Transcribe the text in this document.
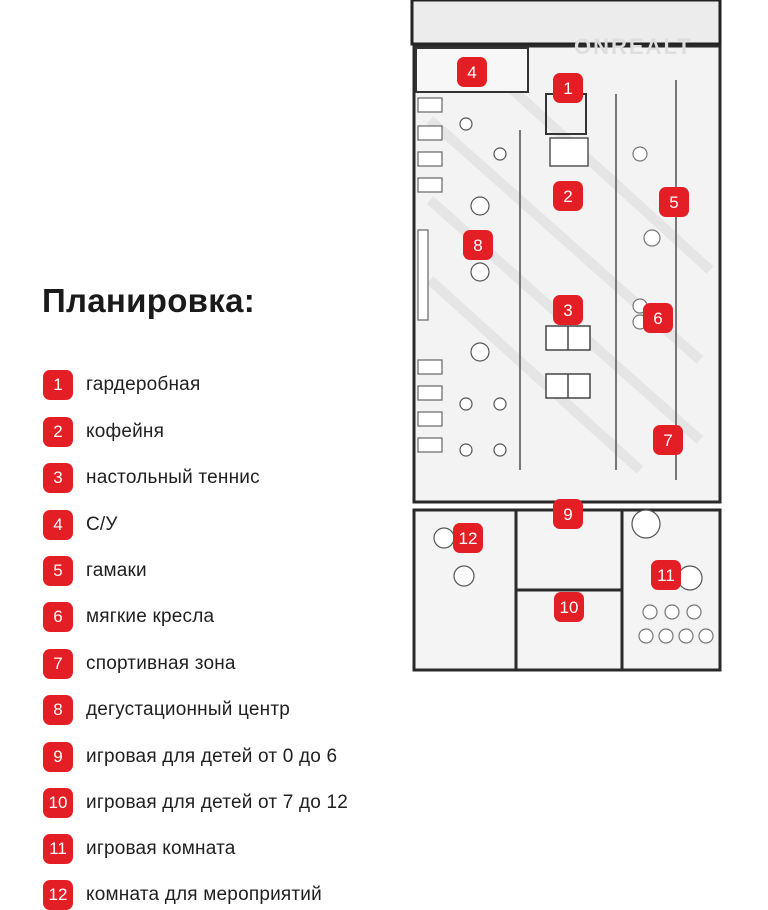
ONREALT
1
2
3
4
5
6
7
8
9
10
11
12
Планировка:
1	гардеробная
2	кофейня
3	настольный теннис
4	С/У
5	гамаки
6	мягкие кресла
7	спортивная зона
8	дегустационный центр
9	игровая для детей от 0 до 6
10 игровая для детей от 7 до 12
11	игровая комната
12 комната для мероприятий
